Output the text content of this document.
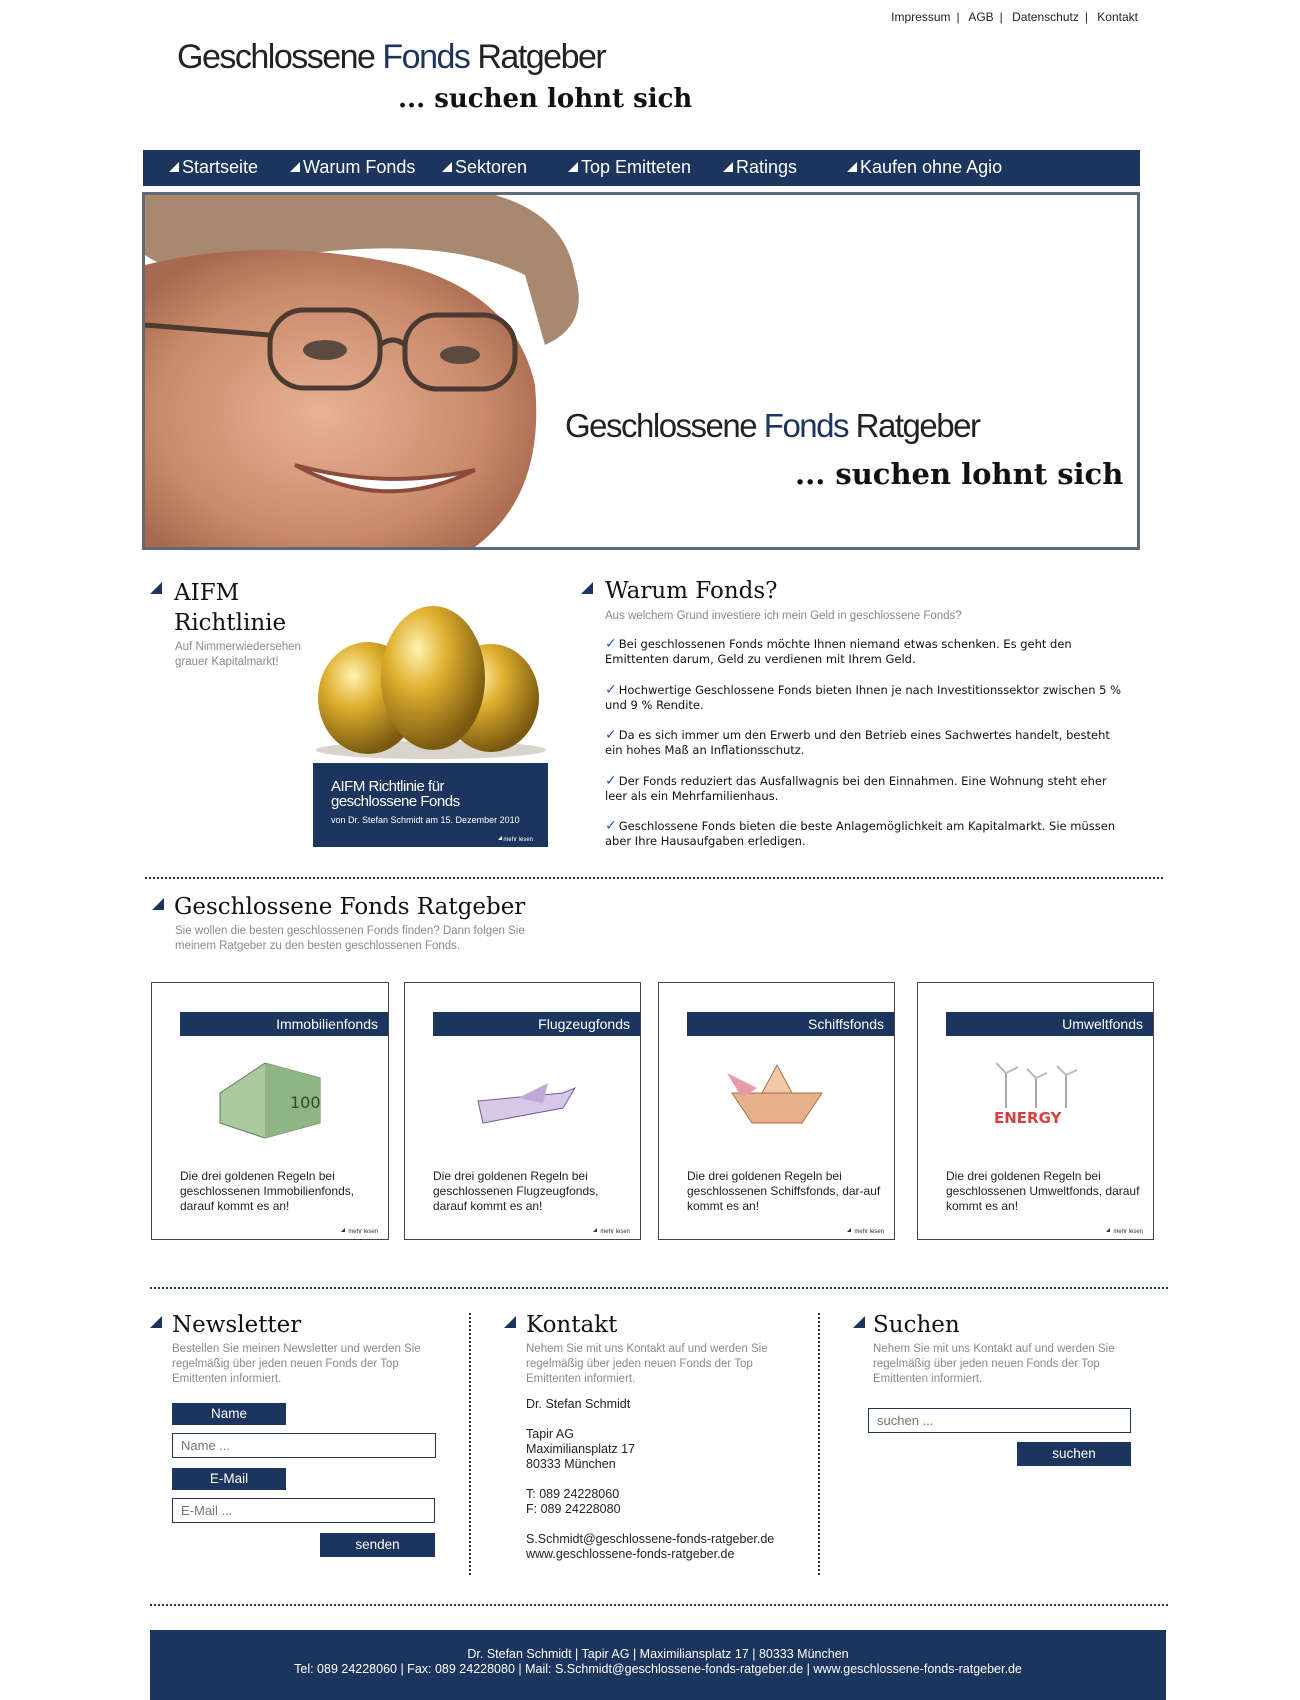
Impressum | AGB | Datenschutz | Kontakt
Geschlossene Fonds Ratgeber
... suchen lohnt sich
Startseite	Warum Fonds	Sektoren	Top Emitteten	Ratings	Kaufen ohne Agio
Geschlossene Fonds Ratgeber
... suchen lohnt sich
AIFM
Richtlinie
Auf Nimmerwiedersehen grauer Kapitalmarkt!
AIFM Richtlinie für geschlossene Fonds
von Dr. Stefan Schmidt am 15. Dezember 2010
mehr lesen
Warum Fonds?
Aus welchem Grund investiere ich mein Geld in geschlossene Fonds?
✓ Bei geschlossenen Fonds möchte Ihnen niemand etwas schenken. Es geht den Emittenten darum, Geld zu verdienen mit Ihrem Geld.
✓ Hochwertige Geschlossene Fonds bieten Ihnen je nach Investitionssektor zwischen 5 % und 9 % Rendite.
✓ Da es sich immer um den Erwerb und den Betrieb eines Sachwertes handelt, besteht ein hohes Maß an Inflationsschutz.
✓ Der Fonds reduziert das Ausfallwagnis bei den Einnahmen. Eine Wohnung steht eher leer als ein Mehrfamilienhaus.
✓ Geschlossene Fonds bieten die beste Anlagemöglichkeit am Kapitalmarkt. Sie müssen aber Ihre Hausaufgaben erledigen.
Geschlossene Fonds Ratgeber
Sie wollen die besten geschlossenen Fonds finden? Dann folgen Sie meinem Ratgeber zu den besten geschlossenen Fonds.
Immobilienfonds
100
Die drei goldenen Regeln bei geschlossenen Immobilienfonds, darauf kommt es an!
mehr lesen
Flugzeugfonds
Die drei goldenen Regeln bei geschlossenen Flugzeugfonds, darauf kommt es an!
mehr lesen
Schiffsfonds
Die drei goldenen Regeln bei geschlossenen Schiffsfonds, dar-auf kommt es an!
mehr lesen
Umweltfonds
ENERGY
Die drei goldenen Regeln bei geschlossenen Umweltfonds, darauf kommt es an!
mehr lesen
Newsletter
Bestellen Sie meinen Newsletter und werden Sie regelmäßig über jeden neuen Fonds der Top Emittenten informiert.
Name
Name ...
E-Mail
E-Mail ...
senden
Kontakt
Nehem Sie mit uns Kontakt auf und werden Sie regelmäßig über jeden neuen Fonds der Top Emittenten informiert.
Dr. Stefan Schmidt
Tapir AG
Maximiliansplatz 17
80333 München
T: 089 24228060
F: 089 24228080
S.Schmidt@geschlossene-fonds-ratgeber.de
www.geschlossene-fonds-ratgeber.de
Suchen
Nehem Sie mit uns Kontakt auf und werden Sie regelmäßig über jeden neuen Fonds der Top Emittenten informiert.
suchen ...
suchen
Dr. Stefan Schmidt | Tapir AG | Maximiliansplatz 17 | 80333 München
Tel: 089 24228060 | Fax: 089 24228080 | Mail: S.Schmidt@geschlossene-fonds-ratgeber.de | www.geschlossene-fonds-ratgeber.de
